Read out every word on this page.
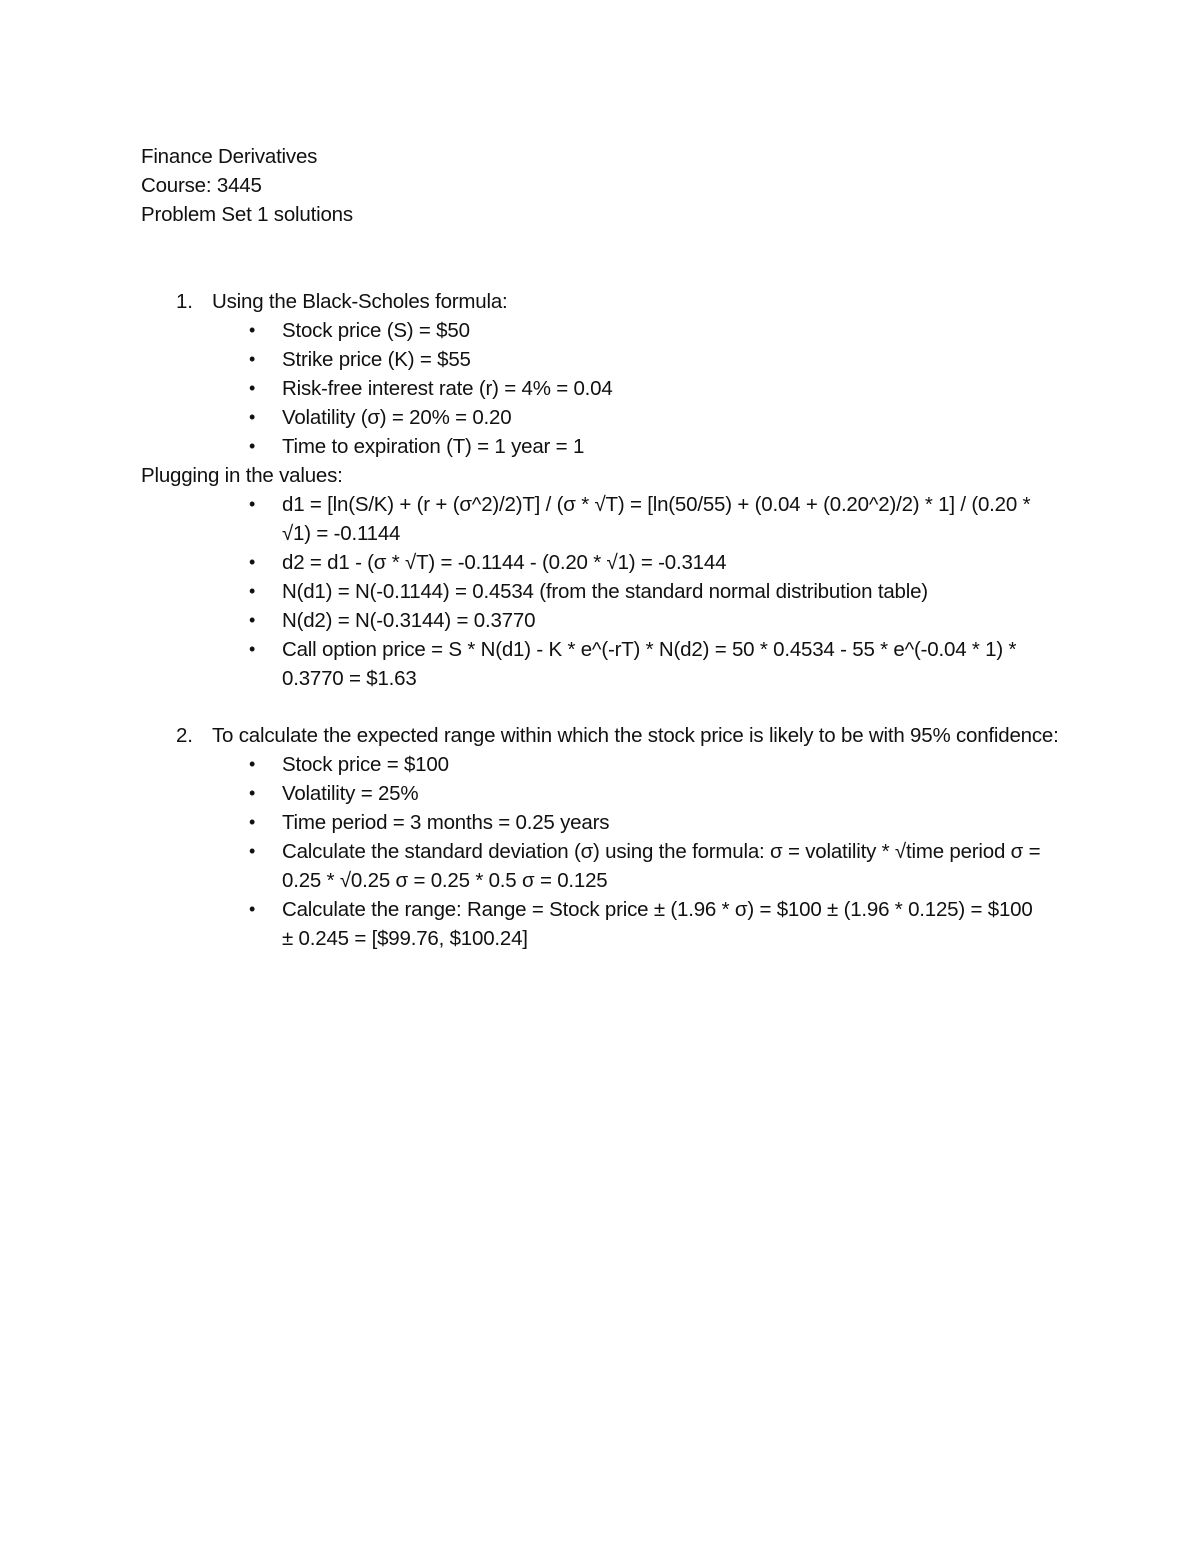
Finance Derivatives
Course: 3445
Problem Set 1 solutions
1. Using the Black-Scholes formula:
• Stock price (S) = $50
• Strike price (K) = $55
• Risk-free interest rate (r) = 4% = 0.04
• Volatility (σ) = 20% = 0.20
• Time to expiration (T) = 1 year = 1
Plugging in the values:
• d1 = [ln(S/K) + (r + (σ^2)/2)T] / (σ * √T) = [ln(50/55) + (0.04 + (0.20^2)/2) * 1] / (0.20 * √1) = -0.1144
• d2 = d1 - (σ * √T) = -0.1144 - (0.20 * √1) = -0.3144
• N(d1) = N(-0.1144) = 0.4534 (from the standard normal distribution table)
• N(d2) = N(-0.3144) = 0.3770
• Call option price = S * N(d1) - K * e^(-rT) * N(d2) = 50 * 0.4534 - 55 * e^(-0.04 * 1) * 0.3770 = $1.63
2. To calculate the expected range within which the stock price is likely to be with 95% confidence:
• Stock price = $100
• Volatility = 25%
• Time period = 3 months = 0.25 years
• Calculate the standard deviation (σ) using the formula: σ = volatility * √time period σ = 0.25 * √0.25 σ = 0.25 * 0.5 σ = 0.125
• Calculate the range: Range = Stock price ± (1.96 * σ) = $100 ± (1.96 * 0.125) = $100 ± 0.245 = [$99.76, $100.24]
